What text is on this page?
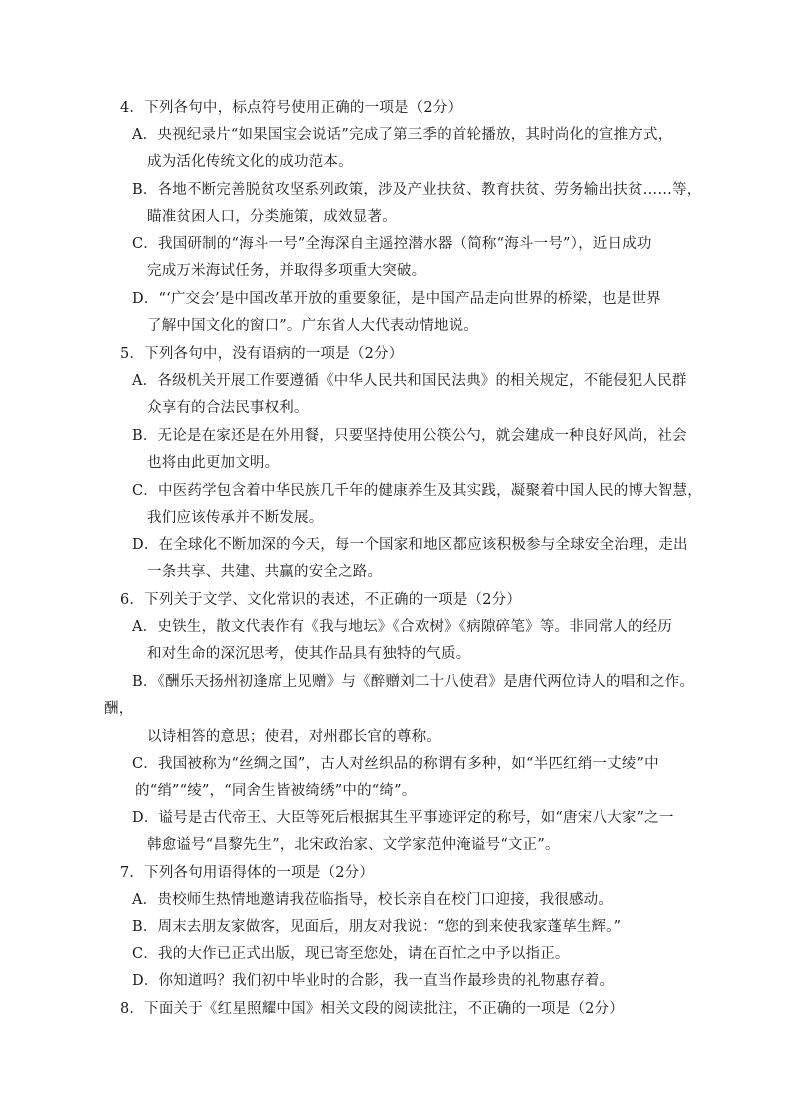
4．下列各句中，标点符号使用正确的一项是（2分）
A．央视纪录片“如果国宝会说话”完成了第三季的首轮播放，其时尚化的宣推方式，
成为活化传统文化的成功范本。
B．各地不断完善脱贫攻坚系列政策，涉及产业扶贫、教育扶贫、劳务输出扶贫……等，
瞄准贫困人口，分类施策，成效显著。
C．我国研制的“海斗一号”全海深自主遥控潜水器（简称“海斗一号”），近日成功
完成万米海试任务，并取得多项重大突破。
D．“‘广交会’是中国改革开放的重要象征，是中国产品走向世界的桥梁，也是世界
了解中国文化的窗口”。广东省人大代表动情地说。
5．下列各句中，没有语病的一项是（2分）
A．各级机关开展工作要遵循《中华人民共和国民法典》的相关规定，不能侵犯人民群
众享有的合法民事权利。
B．无论是在家还是在外用餐，只要坚持使用公筷公勺，就会建成一种良好风尚，社会
也将由此更加文明。
C．中医药学包含着中华民族几千年的健康养生及其实践，凝聚着中国人民的博大智慧，
我们应该传承并不断发展。
D．在全球化不断加深的今天，每一个国家和地区都应该积极参与全球安全治理，走出
一条共享、共建、共赢的安全之路。
6．下列关于文学、文化常识的表述，不正确的一项是（2分）
A．史铁生，散文代表作有《我与地坛》《合欢树》《病隙碎笔》等。非同常人的经历
和对生命的深沉思考，使其作品具有独特的气质。
B．《酬乐天扬州初逢席上见赠》与《醉赠刘二十八使君》是唐代两位诗人的唱和之作。
酬，
以诗相答的意思；使君，对州郡长官的尊称。
C．我国被称为“丝绸之国”，古人对丝织品的称谓有多种，如“半匹红绡一丈绫”中
的“绡”“绫”，“同舍生皆被绮绣”中的“绮”。
D．谥号是古代帝王、大臣等死后根据其生平事迹评定的称号，如“唐宋八大家”之一
韩愈谥号“昌黎先生”，北宋政治家、文学家范仲淹谥号“文正”。
7．下列各句用语得体的一项是（2分）
A．贵校师生热情地邀请我莅临指导，校长亲自在校门口迎接，我很感动。
B．周末去朋友家做客，见面后，朋友对我说：“您的到来使我家蓬荜生辉。”
C．我的大作已正式出版，现已寄至您处，请在百忙之中予以指正。
D．你知道吗？我们初中毕业时的合影，我一直当作最珍贵的礼物惠存着。
8．下面关于《红星照耀中国》相关文段的阅读批注，不正确的一项是（2分）
